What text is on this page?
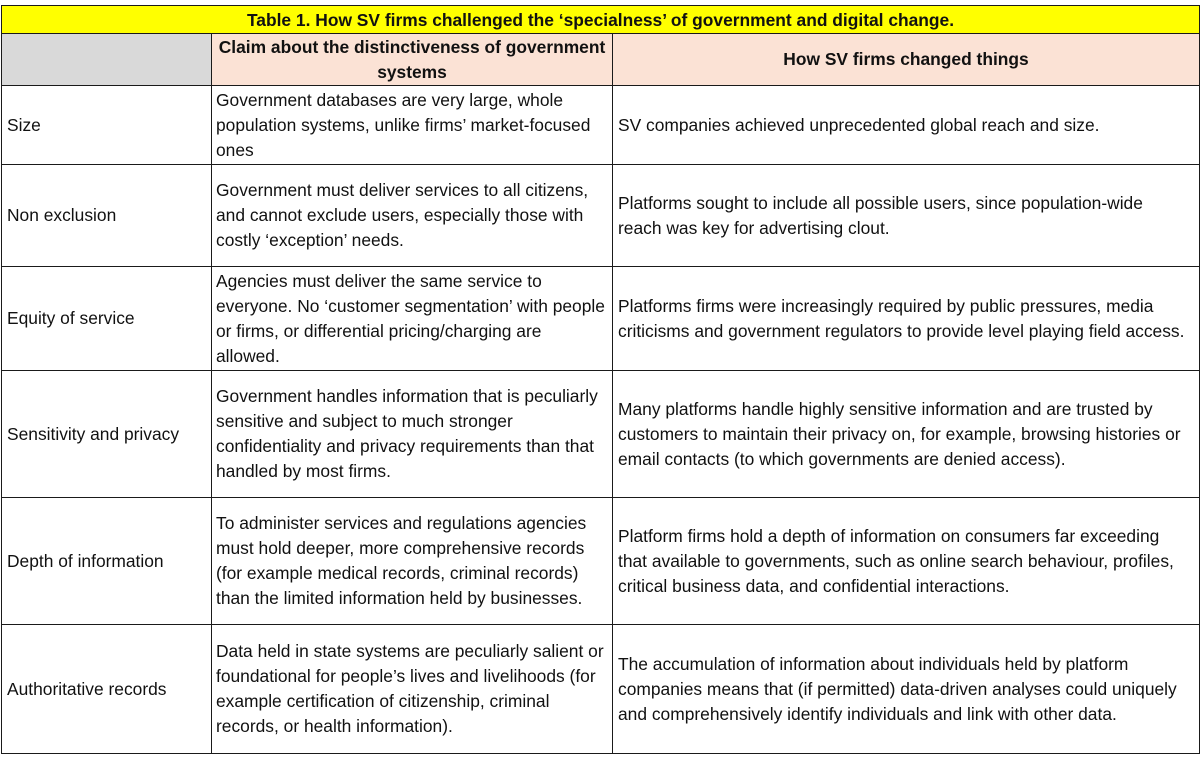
Table 1. How SV firms challenged the ‘specialness’ of government and digital change.		
	Claim about the distinctiveness of government systems	How SV firms changed things
Size	Government databases are very large, whole population systems, unlike firms’ market-focused ones	SV companies achieved unprecedented global reach and size.
Non exclusion	Government must deliver services to all citizens, and cannot exclude users, especially those with costly ‘exception’ needs.	Platforms sought to include all possible users, since population-wide reach was key for advertising clout.
Equity of service	Agencies must deliver the same service to everyone. No ‘customer segmentation’ with people or firms, or differential pricing/charging are allowed.	Platforms firms were increasingly required by public pressures, media criticisms and government regulators to provide level playing field access.
Sensitivity and privacy	Government handles information that is peculiarly sensitive and subject to much stronger confidentiality and privacy requirements than that handled by most firms.	Many platforms handle highly sensitive information and are trusted by customers to maintain their privacy on, for example, browsing histories or email contacts (to which governments are denied access).
Depth of information	To administer services and regulations agencies must hold deeper, more comprehensive records (for example medical records, criminal records) than the limited information held by businesses.	Platform firms hold a depth of information on consumers far exceeding that available to governments, such as online search behaviour, profiles, critical business data, and confidential interactions.
Authoritative records	Data held in state systems are peculiarly salient or foundational for people’s lives and livelihoods (for example certification of citizenship, criminal records, or health information).	The accumulation of information about individuals held by platform companies means that (if permitted) data-driven analyses could uniquely and comprehensively identify individuals and link with other data.
